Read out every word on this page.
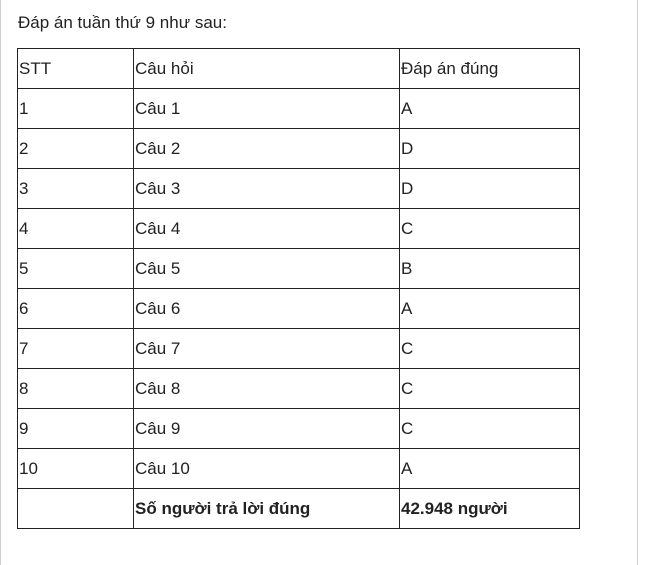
Đáp án tuần thứ 9 như sau:
STT	Câu hỏi	Đáp án đúng
1	Câu 1	A
2	Câu 2	D
3	Câu 3	D
4	Câu 4	C
5	Câu 5	B
6	Câu 6	A
7	Câu 7	C
8	Câu 8	C
9	Câu 9	C
10	Câu 10	A
	Số người trả lời đúng	42.948 người
